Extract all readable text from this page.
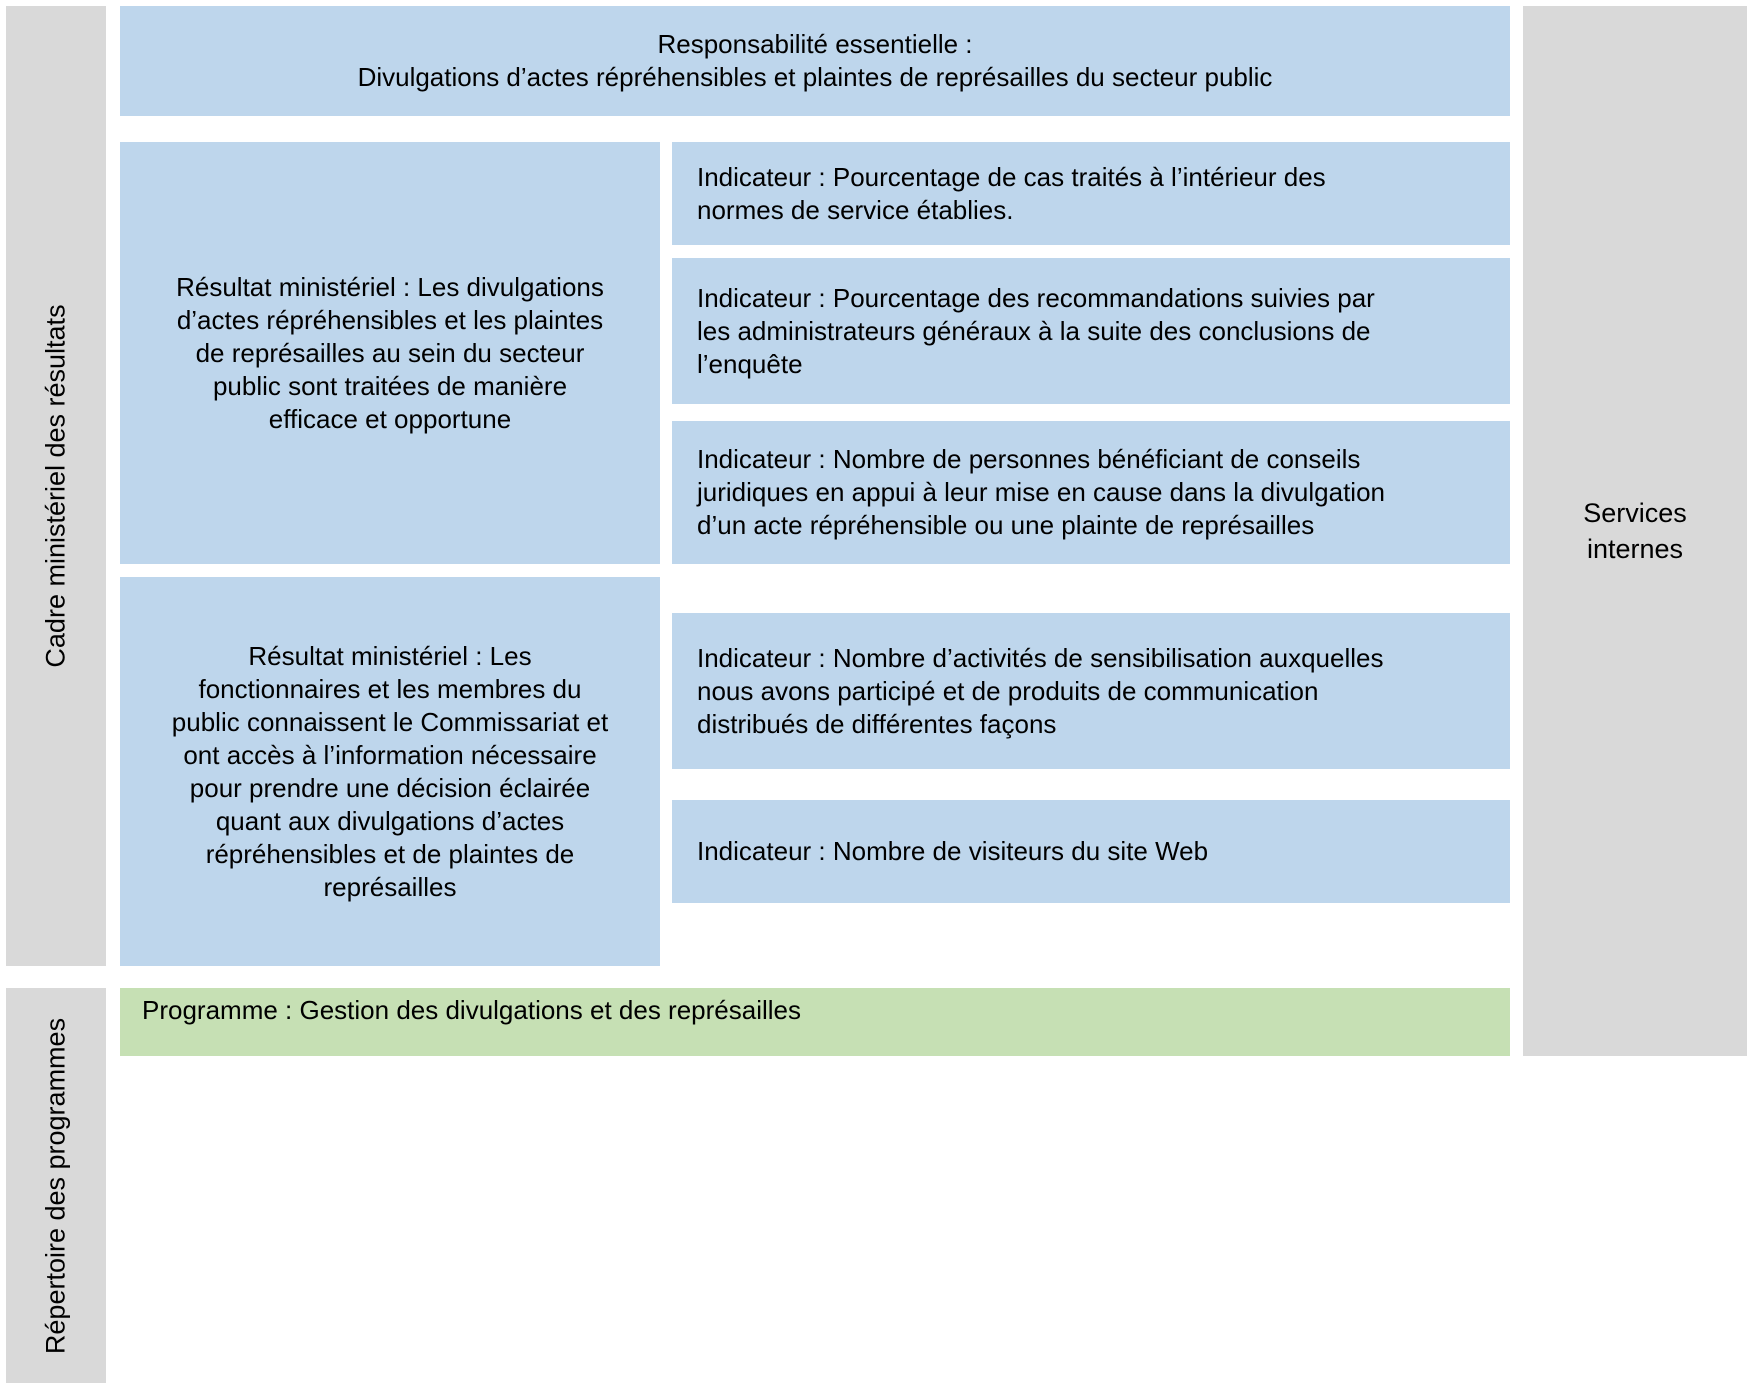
Cadre ministériel des résultats
Répertoire des programmes
Responsabilité essentielle :
Divulgations d’actes répréhensibles et plaintes de représailles du secteur public
Résultat ministériel : Les divulgations
d’actes répréhensibles et les plaintes
de représailles au sein du secteur
public sont traitées de manière
efficace et opportune
Indicateur : Pourcentage de cas traités à l’intérieur des
normes de service établies.
Indicateur : Pourcentage des recommandations suivies par
les administrateurs généraux à la suite des conclusions de
l’enquête
Indicateur : Nombre de personnes bénéficiant de conseils
juridiques en appui à leur mise en cause dans la divulgation
d’un acte répréhensible ou une plainte de représailles
Résultat ministériel : Les
fonctionnaires et les membres du
public connaissent le Commissariat et
ont accès à l’information nécessaire
pour prendre une décision éclairée
quant aux divulgations d’actes
répréhensibles et de plaintes de
représailles
Indicateur : Nombre d’activités de sensibilisation auxquelles
nous avons participé et de produits de communication
distribués de différentes façons
Indicateur : Nombre de visiteurs du site Web
Services
internes
Programme : Gestion des divulgations et des représailles
